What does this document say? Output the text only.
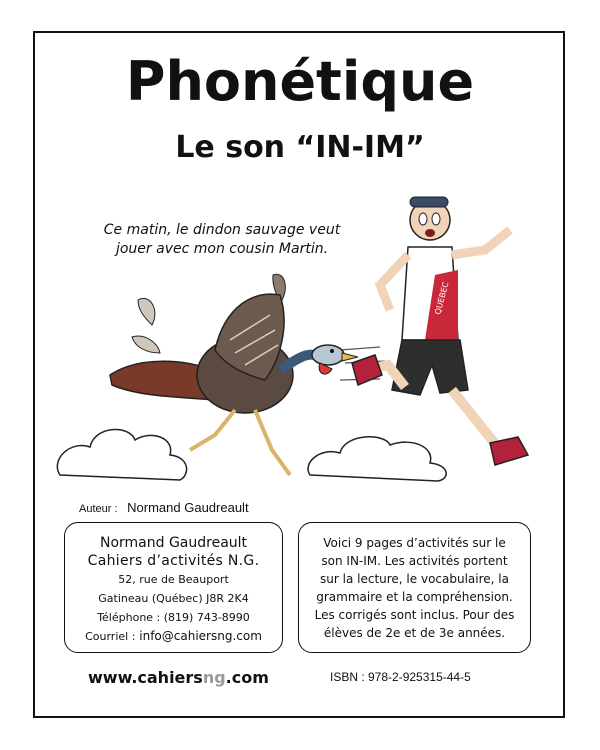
Phonétique
Le son “IN-IM”
Ce matin, le dindon sauvage veut
jouer avec mon cousin Martin.
QUEBEC
Auteur : Normand Gaudreault
Normand Gaudreault
Cahiers d’activités N.G.
52, rue de Beauport
Gatineau (Québec) J8R 2K4
Téléphone : (819) 743-8990
Courriel : info@cahiersng.com
Voici 9 pages d’activités sur le
son IN-IM. Les activités portent
sur la lecture, le vocabulaire, la
grammaire et la compréhension.
Les corrigés sont inclus. Pour des
élèves de 2e et de 3e années.
www.cahiersng.com	ISBN : 978-2-925315-44-5
